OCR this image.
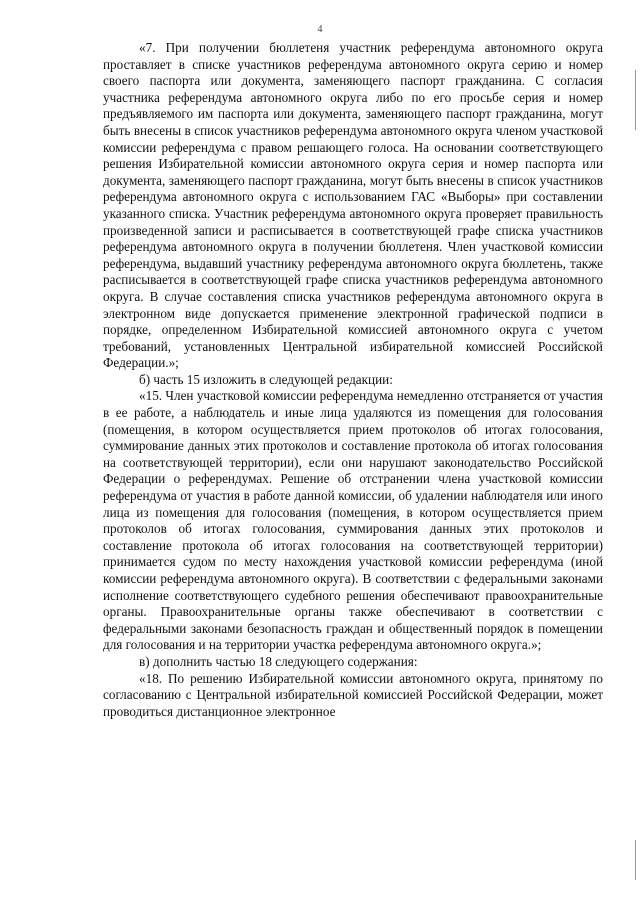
4

«7. При получении бюллетеня участник референдума автономного округа проставляет в списке участников референдума автономного округа серию и номер своего паспорта или документа, заменяющего паспорт гражданина. С согласия участника референдума автономного округа либо по его просьбе серия и номер предъявляемого им паспорта или документа, заменяющего паспорт гражданина, могут быть внесены в список участников референдума автономного округа членом участковой комиссии референдума с правом решающего голоса. На основании соответствующего решения Избирательной комиссии автономного округа серия и номер паспорта или документа, заменяющего паспорт гражданина, могут быть внесены в список участников референдума автономного округа с использованием ГАС «Выборы» при составлении указанного списка. Участник референдума автономного округа проверяет правильность произведенной записи и расписывается в соответствующей графе списка участников референдума автономного округа в получении бюллетеня. Член участковой комиссии референдума, выдавший участнику референдума автономного округа бюллетень, также расписывается в соответствующей графе списка участников референдума автономного округа. В случае составления списка участников референдума автономного округа в электронном виде допускается применение электронной графической подписи в порядке, определенном Избирательной комиссией автономного округа с учетом требований, установленных Центральной избирательной комиссией Российской Федерации.»;

б) часть 15 изложить в следующей редакции:

«15. Член участковой комиссии референдума немедленно отстраняется от участия в ее работе, а наблюдатель и иные лица удаляются из помещения для голосования (помещения, в котором осуществляется прием протоколов об итогах голосования, суммирование данных этих протоколов и составление протокола об итогах голосования на соответствующей территории), если они нарушают законодательство Российской Федерации о референдумах. Решение об отстранении члена участковой комиссии референдума от участия в работе данной комиссии, об удалении наблюдателя или иного лица из помещения для голосования (помещения, в котором осуществляется прием протоколов об итогах голосования, суммирования данных этих протоколов и составление протокола об итогах голосования на соответствующей территории) принимается судом по месту нахождения участковой комиссии референдума (иной комиссии референдума автономного округа). В соответствии с федеральными законами исполнение соответствующего судебного решения обеспечивают правоохранительные органы. Правоохранительные органы также обеспечивают в соответствии с федеральными законами безопасность граждан и общественный порядок в помещении для голосования и на территории участка референдума автономного округа.»;

в) дополнить частью 18 следующего содержания:

«18. По решению Избирательной комиссии автономного округа, принятому по согласованию с Центральной избирательной комиссией Российской Федерации, может проводиться дистанционное электронное
